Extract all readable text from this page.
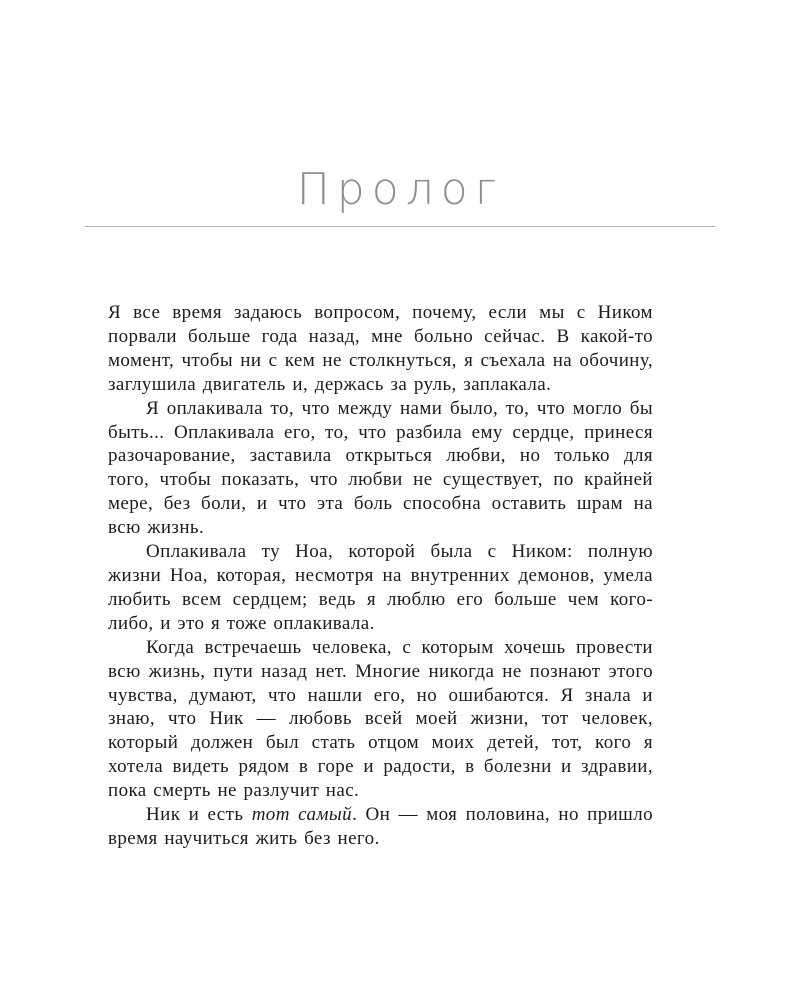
Пролог

Я все время задаюсь вопросом, почему, если мы с Ником порвали больше года назад, мне больно сейчас. В какой-то момент, чтобы ни с кем не столкнуться, я съехала на обочину, заглушила двигатель и, держась за руль, заплакала.

Я оплакивала то, что между нами было, то, что могло бы быть... Оплакивала его, то, что разбила ему сердце, принеся разочарование, заставила открыться любви, но только для того, чтобы показать, что любви не существует, по крайней мере, без боли, и что эта боль способна оставить шрам на всю жизнь.

Оплакивала ту Ноа, которой была с Ником: полную жизни Ноа, которая, несмотря на внутренних демонов, умела любить всем сердцем; ведь я люблю его больше чем кого-либо, и это я тоже оплакивала.

Когда встречаешь человека, с которым хочешь провести всю жизнь, пути назад нет. Многие никогда не познают этого чувства, думают, что нашли его, но ошибаются. Я знала и знаю, что Ник — любовь всей моей жизни, тот человек, который должен был стать отцом моих детей, тот, кого я хотела видеть рядом в горе и радости, в болезни и здравии, пока смерть не разлучит нас.

Ник и есть тот самый. Он — моя половина, но пришло время научиться жить без него.
